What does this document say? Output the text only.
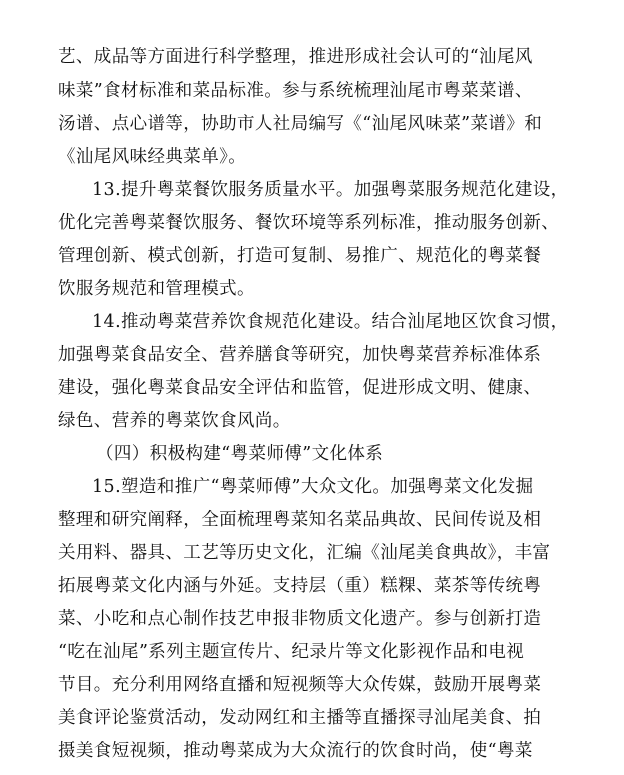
艺、成品等方面进行科学整理，推进形成社会认可的“汕尾风

味菜”食材标准和菜品标准。参与系统梳理汕尾市粤菜菜谱、

汤谱、点心谱等，协助市人社局编写《“汕尾风味菜”菜谱》和

《汕尾风味经典菜单》。

13.提升粤菜餐饮服务质量水平。加强粤菜服务规范化建设，

优化完善粤菜餐饮服务、餐饮环境等系列标准，推动服务创新、

管理创新、模式创新，打造可复制、易推广、规范化的粤菜餐

饮服务规范和管理模式。

14.推动粤菜营养饮食规范化建设。结合汕尾地区饮食习惯，

加强粤菜食品安全、营养膳食等研究，加快粤菜营养标准体系

建设，强化粤菜食品安全评估和监管，促进形成文明、健康、

绿色、营养的粤菜饮食风尚。

（四）积极构建“粤菜师傅”文化体系

15.塑造和推广“粤菜师傅”大众文化。加强粤菜文化发掘

整理和研究阐释，全面梳理粤菜知名菜品典故、民间传说及相

关用料、器具、工艺等历史文化，汇编《汕尾美食典故》，丰富

拓展粤菜文化内涵与外延。支持层（重）糕粿、菜茶等传统粤

菜、小吃和点心制作技艺申报非物质文化遗产。参与创新打造

“吃在汕尾”系列主题宣传片、纪录片等文化影视作品和电视

节目。充分利用网络直播和短视频等大众传媒，鼓励开展粤菜

美食评论鉴赏活动，发动网红和主播等直播探寻汕尾美食、拍

摄美食短视频，推动粤菜成为大众流行的饮食时尚，使“粤菜
